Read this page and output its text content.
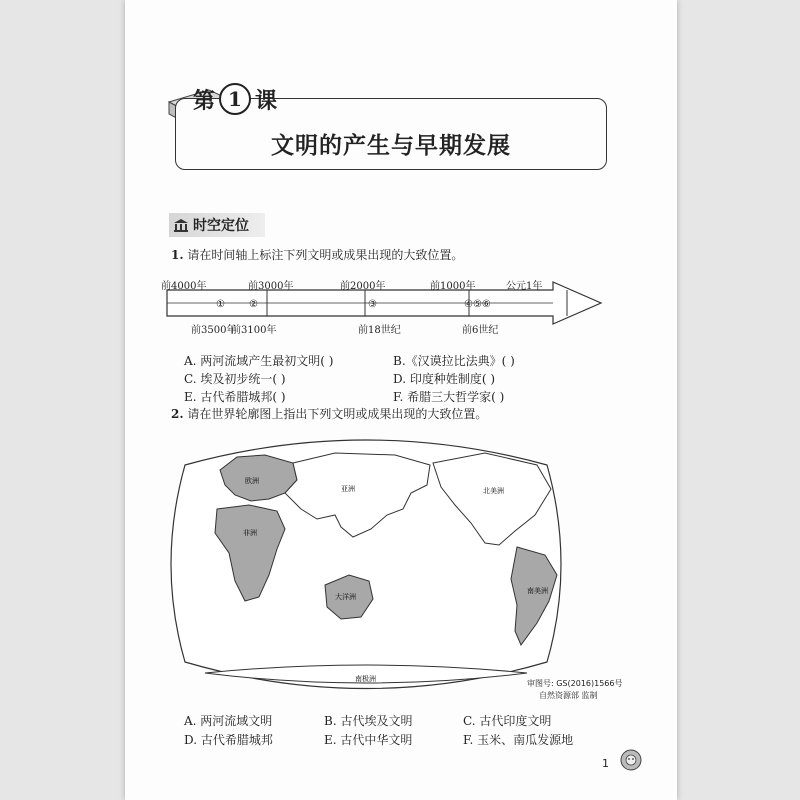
文明的产生与早期发展
第 1 课
时空定位
1. 请在时间轴上标注下列文明或成果出现的大致位置。
前4000年	前3000年	前2000年	前1000年	公元1年
① ②	③	④⑤⑥
前3500年
前3100年	前18世纪	前6世纪
A. 两河流域产生最初文明( )	B.《汉谟拉比法典》( )
C. 埃及初步统一( )	D. 印度种姓制度( )
E. 古代希腊城邦( )	F. 希腊三大哲学家( )
2. 请在世界轮廓图上指出下列文明或成果出现的大致位置。
欧洲
亚洲
非洲
大洋洲
北美洲
南美洲
南极洲	审图号: GS(2016)1566号
自然资源部 监制
A. 两河流域文明	B. 古代埃及文明	C. 古代印度文明
D. 古代希腊城邦	E. 古代中华文明	F. 玉米、南瓜发源地
1
